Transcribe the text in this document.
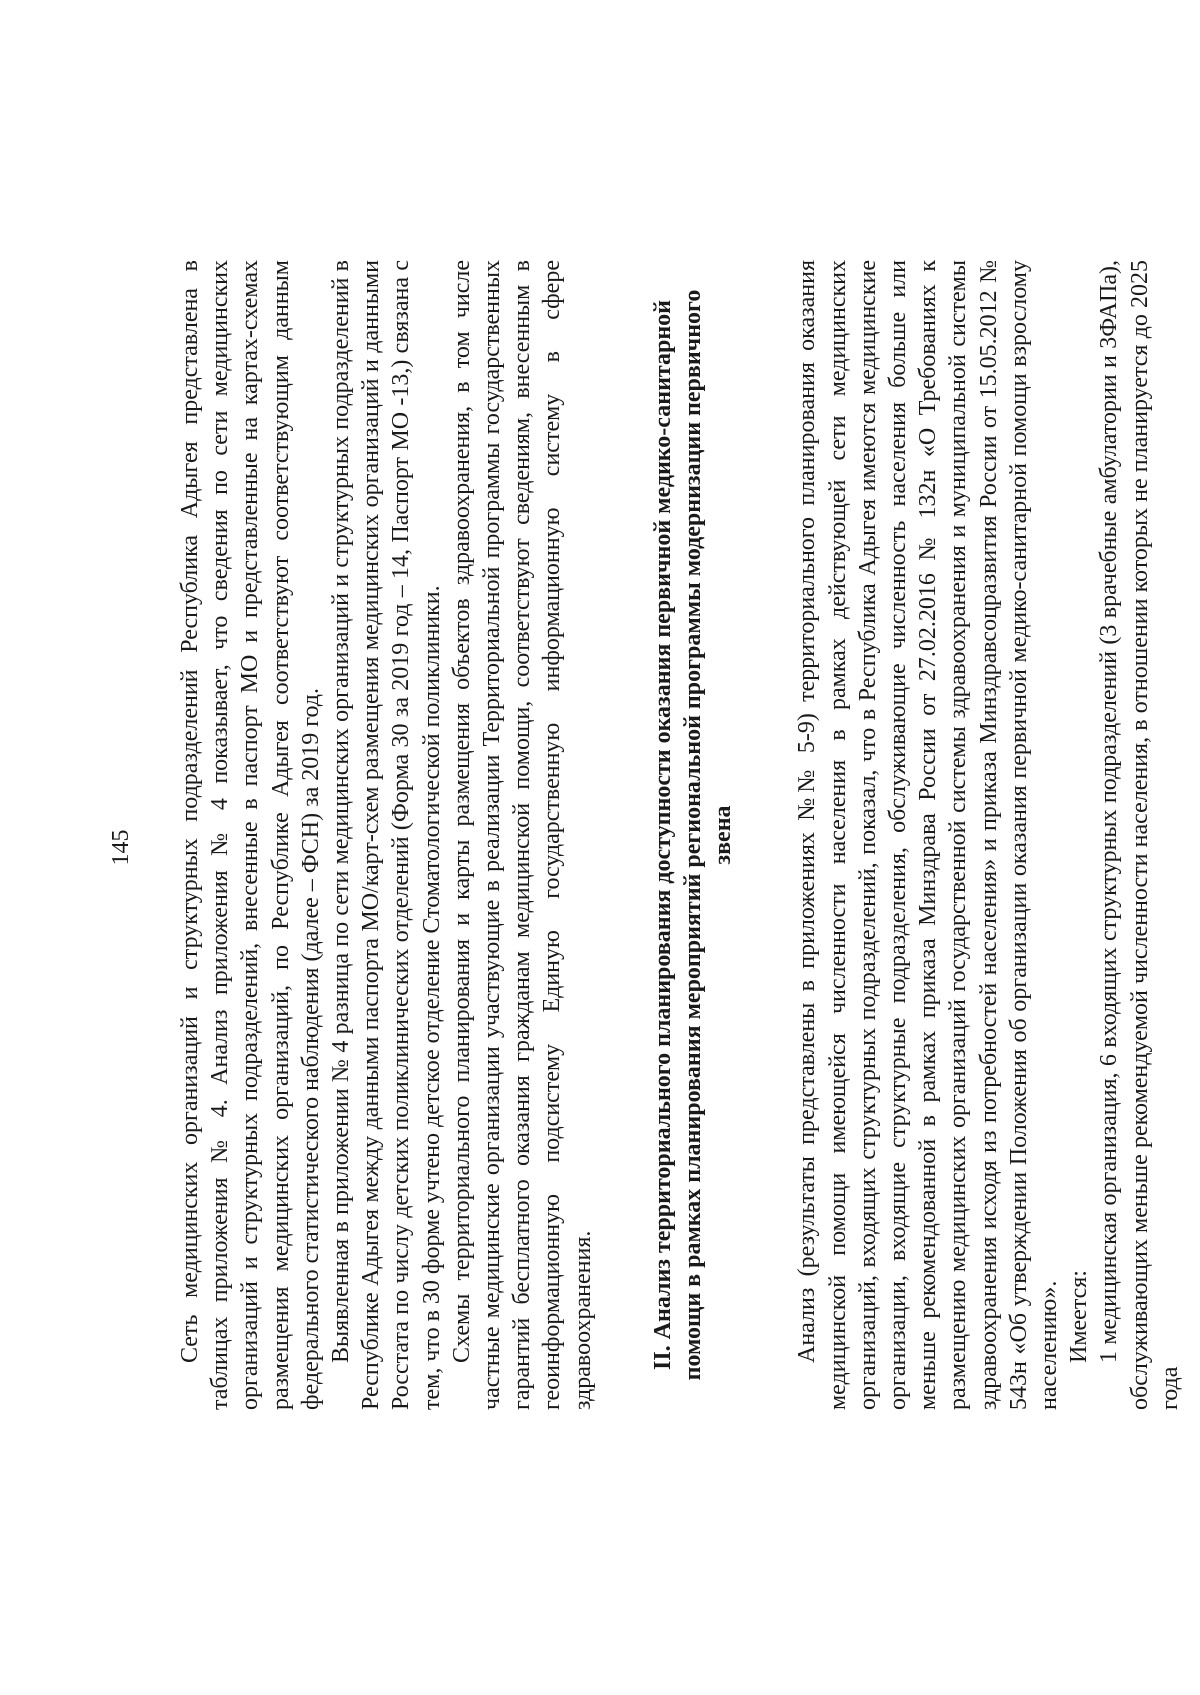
145 Сеть медицинских организаций и структурных подразделений Республика Адыгея представлена в таблицах приложения № 4. Анализ приложения № 4 показывает, что сведения по сети медицинских организаций и структурных подразделений, внесенные в паспорт МО и представленные на картах-схемах размещения медицинских организаций, по Республике Адыгея соответствуют соответствующим данным федерального статистического наблюдения (далее – ФСН) за 2019 год. Выявленная в приложении № 4 разница по сети медицинских организаций и структурных подразделений в Республике Адыгея между данными паспорта МО/карт-схем размещения медицинских организаций и данными Росстата по числу детских поликлинических отделений (Форма 30 за 2019 год – 14, Паспорт МО -13,) связана с тем, что в 30 форме учтено детское отделение Стоматологической поликлиники. Схемы территориального планирования и карты размещения объектов здравоохранения, в том числе частные медицинские организации участвующие в реализации Территориальной программы государственных гарантий бесплатного оказания гражданам медицинской помощи, соответствуют сведениям, внесенным в геоинформационную подсистему Единую государственную информационную систему в сфере здравоохранения. II. Анализ территориального планирования доступности оказания первичной медико-санитарной помощи в рамках планирования мероприятий региональной программы модернизации первичного звена Анализ (результаты представлены в приложениях №№ 5-9) территориального планирования оказания медицинской помощи имеющейся численности населения в рамках действующей сети медицинских организаций, входящих структурных подразделений, показал, что в Республика Адыгея имеются медицинские организации, входящие структурные подразделения, обслуживающие численность населения больше или меньше рекомендованной в рамках приказа Минздрава России от 27.02.2016 № 132н «О Требованиях к размещению медицинских организаций государственной системы здравоохранения и муниципальной системы здравоохранения исходя из потребностей населения» и приказа Минздравсоцразвития России от 15.05.2012 № 543н «Об утверждении Положения об организации оказания первичной медико-санитарной помощи взрослому населению». Имеется: 1 медицинская организация, 6 входящих структурных подразделений (3 врачебные амбулатории и 3ФАПа), обслуживающих меньше рекомендуемой численности населения, в отношении которых не планируется до 2025 года
